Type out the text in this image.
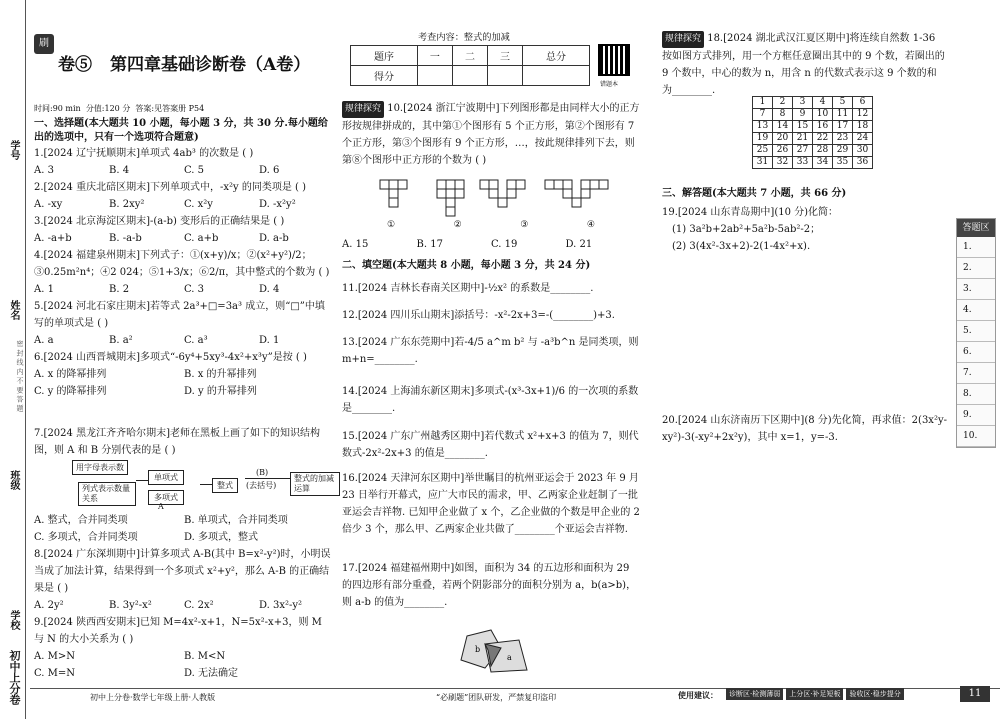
学号
姓名
班级
学校
初中上分卷
密 封 线 内 不 要 答 题
刷
卷⑤ 第四章基础诊断卷（A卷）
考查内容：整式的加减
题序	一	二	三	总分
得分				
错题本
时间:90 min 分值:120 分 答案:见答案册 P54
一、选择题(本大题共 10 小题，每小题 3 分，共 30 分.每小题给出的选项中，只有一个选项符合题意)
1.[2024 辽宁抚顺期末]单项式 4ab³ 的次数是 ( )
A. 3	B. 4	C. 5	D. 6
2.[2024 重庆北碚区期末]下列单项式中，-x²y 的同类项是 ( )
A. -xy	B. 2xy²	C. x²y	D. -x²y²
3.[2024 北京海淀区期末]-(a-b) 变形后的正确结果是 ( )
A. -a+b	B. -a-b	C. a+b	D. a-b
4.[2024 福建泉州期末]下列式子：①(x+y)/x；②(x²+y²)/2；③0.25m²n⁴；④2 024；⑤1+3/x；⑥2/π，其中整式的个数为 ( )
A. 1	B. 2	C. 3	D. 4
5.[2024 河北石家庄期末]若等式 2a³+□=3a³ 成立，则“□”中填写的单项式是 ( )
A. a	B. a²	C. a³	D. 1
6.[2024 山西晋城期末]多项式“-6y⁴+5xy³-4x²+x³y”是按 ( )
A. x 的降幂排列	B. x 的升幂排列
C. y 的降幂排列	D. y 的升幂排列
7.[2024 黑龙江齐齐哈尔期末]老师在黑板上画了如下的知识结构图，则 A 和 B 分别代表的是 ( )
用字母表示数
列式表示数量关系
单项式
多项式
A
整式
(B)
(去括号)
整式的加减运算
A. 整式，合并同类项	B. 单项式，合并同类项
C. 多项式，合并同类项	D. 多项式，整式
8.[2024 广东深圳期中]计算多项式 A-B(其中 B=x²-y²)时，小明误当成了加法计算，结果得到一个多项式 x²+y²，那么 A-B 的正确结果是 ( )
A. 2y²	B. 3y²-x²	C. 2x²	D. 3x²-y²
9.[2024 陕西西安期末]已知 M=4x²-x+1，N=5x²-x+3，则 M 与 N 的大小关系为 ( )
A. M>N	B. M<N
C. M=N	D. 无法确定
规律探究 10.[2024 浙江宁波期中]下列图形都是由同样大小的正方形按规律拼成的，其中第①个图形有 5 个正方形，第②个图形有 7 个正方形，第③个图形有 9 个正方形，…，按此规律排列下去，则第⑧个图形中正方形的个数为 ( )
①	②	③	④
A. 15	B. 17	C. 19	D. 21
二、填空题(本大题共 8 小题，每小题 3 分，共 24 分)
11.[2024 吉林长春南关区期中]-½x² 的系数是________.
12.[2024 四川乐山期末]添括号：-x²-2x+3=-(________)+3.
13.[2024 广东东莞期中]若-4/5 a^m b² 与 -a³b^n 是同类项，则 m+n=________.
14.[2024 上海浦东新区期末]多项式-(x³-3x+1)/6 的一次项的系数是________.
15.[2024 广东广州越秀区期中]若代数式 x²+x+3 的值为 7，则代数式-2x²-2x+3 的值是________.
16.[2024 天津河东区期中]举世瞩目的杭州亚运会于 2023 年 9 月 23 日举行开幕式，应广大市民的需求，甲、乙两家企业赶制了一批亚运会吉祥物. 已知甲企业做了 x 个，乙企业做的个数是甲企业的 2 倍少 3 个，那么甲、乙两家企业共做了________个亚运会吉祥物.
17.[2024 福建福州期中]如图，面积为 34 的五边形和面积为 29 的四边形有部分重叠，若两个阴影部分的面积分别为 a，b(a>b)，则 a-b 的值为________.
b
a
规律探究 18.[2024 湖北武汉江夏区期中]将连续自然数 1-36 按如图方式排列，用一个方框任意圈出其中的 9 个数，若圈出的 9 个数中，中心的数为 n，用含 n 的代数式表示这 9 个数的和为________.
1	2	3	4	5	6
7	8	9	10	11	12
13	14	15	16	17	18
19	20	21	22	23	24
25	26	27	28	29	30
31	32	33	34	35	36
三、解答题(本大题共 7 小题，共 66 分)
19.[2024 山东青岛期中](10 分)化简：
(1) 3a²b+2ab²+5a²b-5ab²-2；
(2) 3(4x²-3x+2)-2(1-4x²+x).
20.[2024 山东济南历下区期中](8 分)先化简，再求值：2(3x²y-xy²)-3(-xy²+2x²y)，其中 x=1，y=-3.
答题区
1.
2.
3.
4.
5.
6.
7.
8.
9.
10.
初中上分卷·数学七年级上册·人教版	“必刷题”团队研发，严禁复印盗印	使用建议：	诊断区·检测薄弱	上分区·补足短板	验收区·稳步提分	11
